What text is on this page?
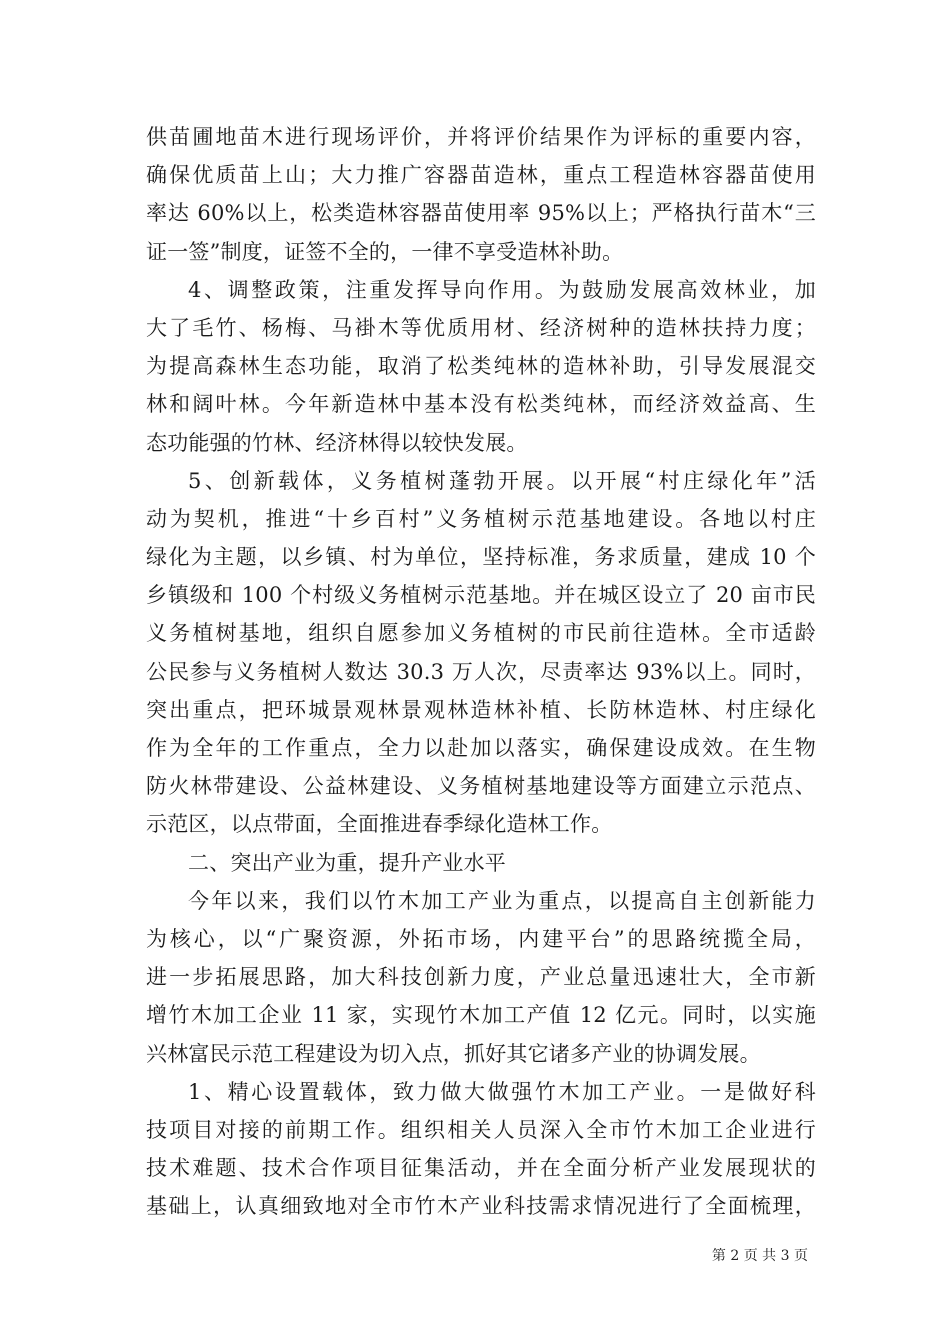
供苗圃地苗木进行现场评价，并将评价结果作为评标的重要内容，
确保优质苗上山；大力推广容器苗造林，重点工程造林容器苗使用
率达 60%以上，松类造林容器苗使用率 95%以上；严格执行苗木“三
证一签”制度，证签不全的，一律不享受造林补助。
4、调整政策，注重发挥导向作用。为鼓励发展高效林业，加
大了毛竹、杨梅、马褂木等优质用材、经济树种的造林扶持力度；
为提高森林生态功能，取消了松类纯林的造林补助，引导发展混交
林和阔叶林。今年新造林中基本没有松类纯林，而经济效益高、生
态功能强的竹林、经济林得以较快发展。
5、创新载体，义务植树蓬勃开展。以开展“村庄绿化年”活
动为契机，推进“十乡百村”义务植树示范基地建设。各地以村庄
绿化为主题，以乡镇、村为单位，坚持标准，务求质量，建成 10 个
乡镇级和 100 个村级义务植树示范基地。并在城区设立了 20 亩市民
义务植树基地，组织自愿参加义务植树的市民前往造林。全市适龄
公民参与义务植树人数达 30.3 万人次，尽责率达 93%以上。同时，
突出重点，把环城景观林景观林造林补植、长防林造林、村庄绿化
作为全年的工作重点，全力以赴加以落实，确保建设成效。在生物
防火林带建设、公益林建设、义务植树基地建设等方面建立示范点、
示范区，以点带面，全面推进春季绿化造林工作。
二、突出产业为重，提升产业水平
今年以来，我们以竹木加工产业为重点，以提高自主创新能力
为核心，以“广聚资源，外拓市场，内建平台”的思路统揽全局，
进一步拓展思路，加大科技创新力度，产业总量迅速壮大，全市新
增竹木加工企业 11 家，实现竹木加工产值 12 亿元。同时，以实施
兴林富民示范工程建设为切入点，抓好其它诸多产业的协调发展。
1、精心设置载体，致力做大做强竹木加工产业。一是做好科
技项目对接的前期工作。组织相关人员深入全市竹木加工企业进行
技术难题、技术合作项目征集活动，并在全面分析产业发展现状的
基础上，认真细致地对全市竹木产业科技需求情况进行了全面梳理，
第 2 页 共 3 页
